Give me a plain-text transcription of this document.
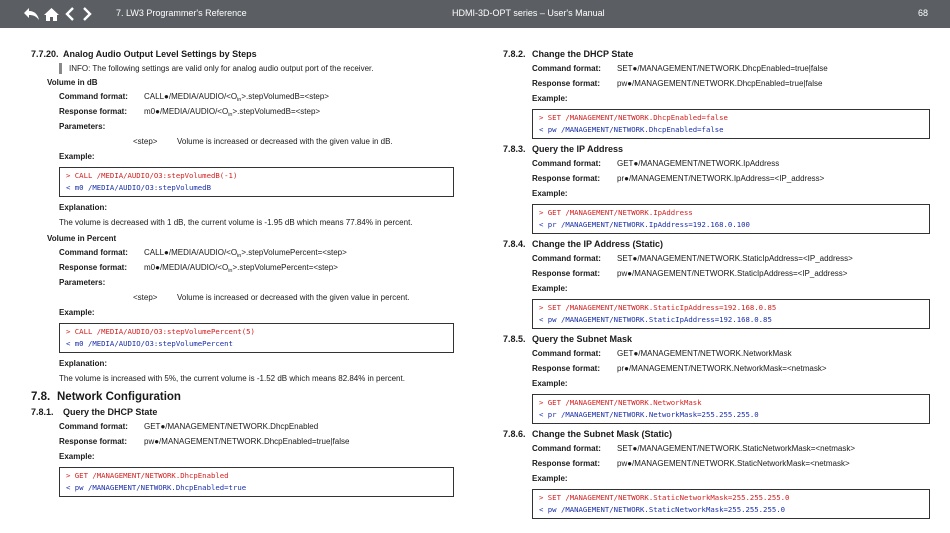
7. LW3 Programmer's Reference	HDMI-3D-OPT series – User's Manual	68
7.7.20. Analog Audio Output Level Settings by Steps
INFO: The following settings are valid only for analog audio output port of the receiver.
Volume in dB
Command format:	$CALL●/MEDIA/AUDIO/<O_{in}>.stepVolumedB=<step>$
Response format:	$m0●/MEDIA/AUDIO/<O_{in}>.stepVolumedB=<step>$
Parameters:
<step>	Volume is increased or decreased with the given value in dB.
Example:
> CALL /MEDIA/AUDIO/O3:stepVolumedB(-1)
< m0 /MEDIA/AUDIO/O3:stepVolumedB
Explanation:
The volume is decreased with 1 dB, the current volume is -1.95 dB which means 77.84% in percent.
Volume in Percent
Command format:	$CALL●/MEDIA/AUDIO/<O_{in}>.stepVolumePercent=<step>$
Response format:	$m0●/MEDIA/AUDIO/<O_{in}>.stepVolumePercent=<step>$
Parameters:
<step>	Volume is increased or decreased with the given value in percent.
Example:
> CALL /MEDIA/AUDIO/O3:stepVolumePercent(5)
< m0 /MEDIA/AUDIO/O3:stepVolumePercent
Explanation:
The volume is increased with 5%, the current volume is -1.52 dB which means 82.84% in percent.
7.8. Network Configuration
7.8.1. Query the DHCP State
Command format:	GET●/MANAGEMENT/NETWORK.DhcpEnabled
Response format:	pw●/MANAGEMENT/NETWORK.DhcpEnabled=true|false
Example:
> GET /MANAGEMENT/NETWORK.DhcpEnabled
< pw /MANAGEMENT/NETWORK.DhcpEnabled=true
7.8.2. Change the DHCP State
Command format:	SET●/MANAGEMENT/NETWORK.DhcpEnabled=true|false
Response format:	pw●/MANAGEMENT/NETWORK.DhcpEnabled=true|false
Example:
> SET /MANAGEMENT/NETWORK.DhcpEnabled=false
< pw /MANAGEMENT/NETWORK.DhcpEnabled=false
7.8.3. Query the IP Address
Command format:	GET●/MANAGEMENT/NETWORK.IpAddress
Response format:	pr●/MANAGEMENT/NETWORK.IpAddress=<IP_address>
Example:
> GET /MANAGEMENT/NETWORK.IpAddress
< pr /MANAGEMENT/NETWORK.IpAddress=192.168.0.100
7.8.4. Change the IP Address (Static)
Command format:	SET●/MANAGEMENT/NETWORK.StaticIpAddress=<IP_address>
Response format:	pw●/MANAGEMENT/NETWORK.StaticIpAddress=<IP_address>
Example:
> SET /MANAGEMENT/NETWORK.StaticIpAddress=192.168.0.85
< pw /MANAGEMENT/NETWORK.StaticIpAddress=192.168.0.85
7.8.5. Query the Subnet Mask
Command format:	GET●/MANAGEMENT/NETWORK.NetworkMask
Response format:	pr●/MANAGEMENT/NETWORK.NetworkMask=<netmask>
Example:
> GET /MANAGEMENT/NETWORK.NetworkMask
< pr /MANAGEMENT/NETWORK.NetworkMask=255.255.255.0
7.8.6. Change the Subnet Mask (Static)
Command format:	SET●/MANAGEMENT/NETWORK.StaticNetworkMask=<netmask>
Response format:	pw●/MANAGEMENT/NETWORK.StaticNetworkMask=<netmask>
Example:
> SET /MANAGEMENT/NETWORK.StaticNetworkMask=255.255.255.0
< pw /MANAGEMENT/NETWORK.StaticNetworkMask=255.255.255.0
